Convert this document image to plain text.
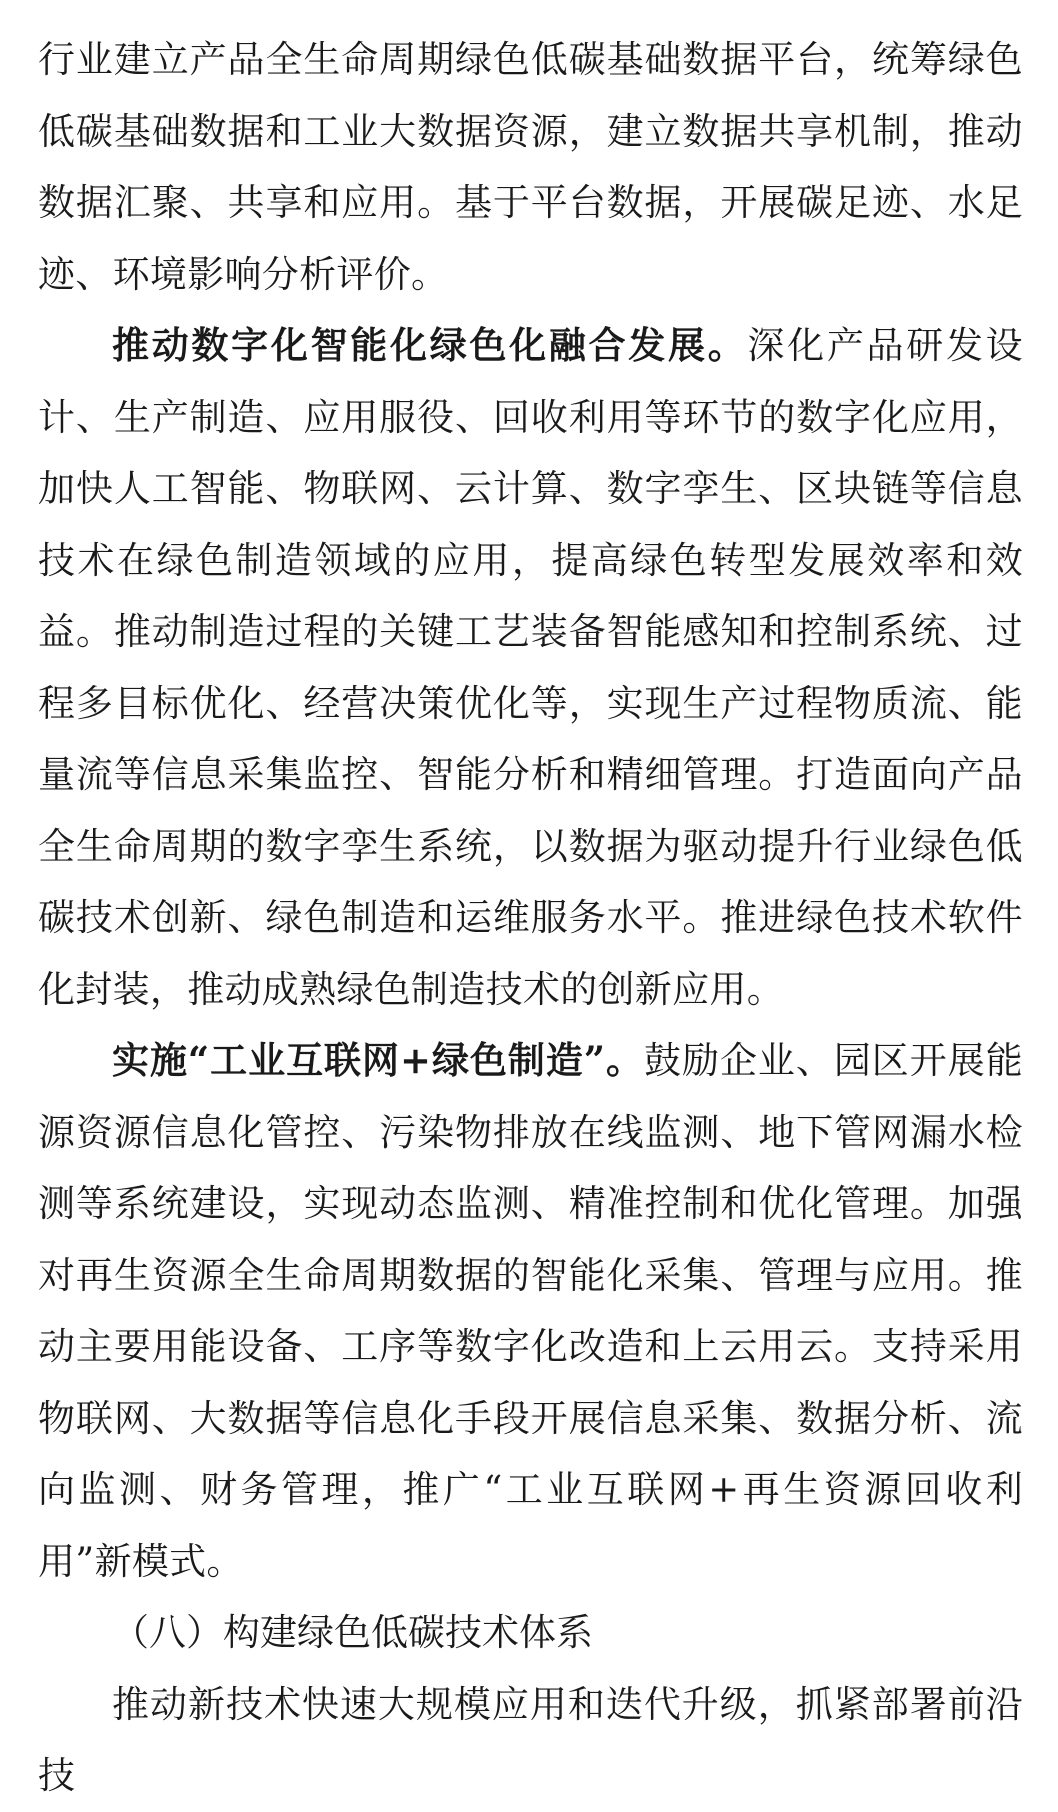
行业建立产品全生命周期绿色低碳基础数据平台，统筹绿色低碳基础数据和工业大数据资源，建立数据共享机制，推动数据汇聚、共享和应用。基于平台数据，开展碳足迹、水足迹、环境影响分析评价。

推动数字化智能化绿色化融合发展。深化产品研发设计、生产制造、应用服役、回收利用等环节的数字化应用，加快人工智能、物联网、云计算、数字孪生、区块链等信息技术在绿色制造领域的应用，提高绿色转型发展效率和效益。推动制造过程的关键工艺装备智能感知和控制系统、过程多目标优化、经营决策优化等，实现生产过程物质流、能量流等信息采集监控、智能分析和精细管理。打造面向产品全生命周期的数字孪生系统，以数据为驱动提升行业绿色低碳技术创新、绿色制造和运维服务水平。推进绿色技术软件化封装，推动成熟绿色制造技术的创新应用。

实施“工业互联网+绿色制造”。鼓励企业、园区开展能源资源信息化管控、污染物排放在线监测、地下管网漏水检测等系统建设，实现动态监测、精准控制和优化管理。加强对再生资源全生命周期数据的智能化采集、管理与应用。推动主要用能设备、工序等数字化改造和上云用云。支持采用物联网、大数据等信息化手段开展信息采集、数据分析、流向监测、财务管理，推广“工业互联网+再生资源回收利用”新模式。

（八）构建绿色低碳技术体系

推动新技术快速大规模应用和迭代升级，抓紧部署前沿技
